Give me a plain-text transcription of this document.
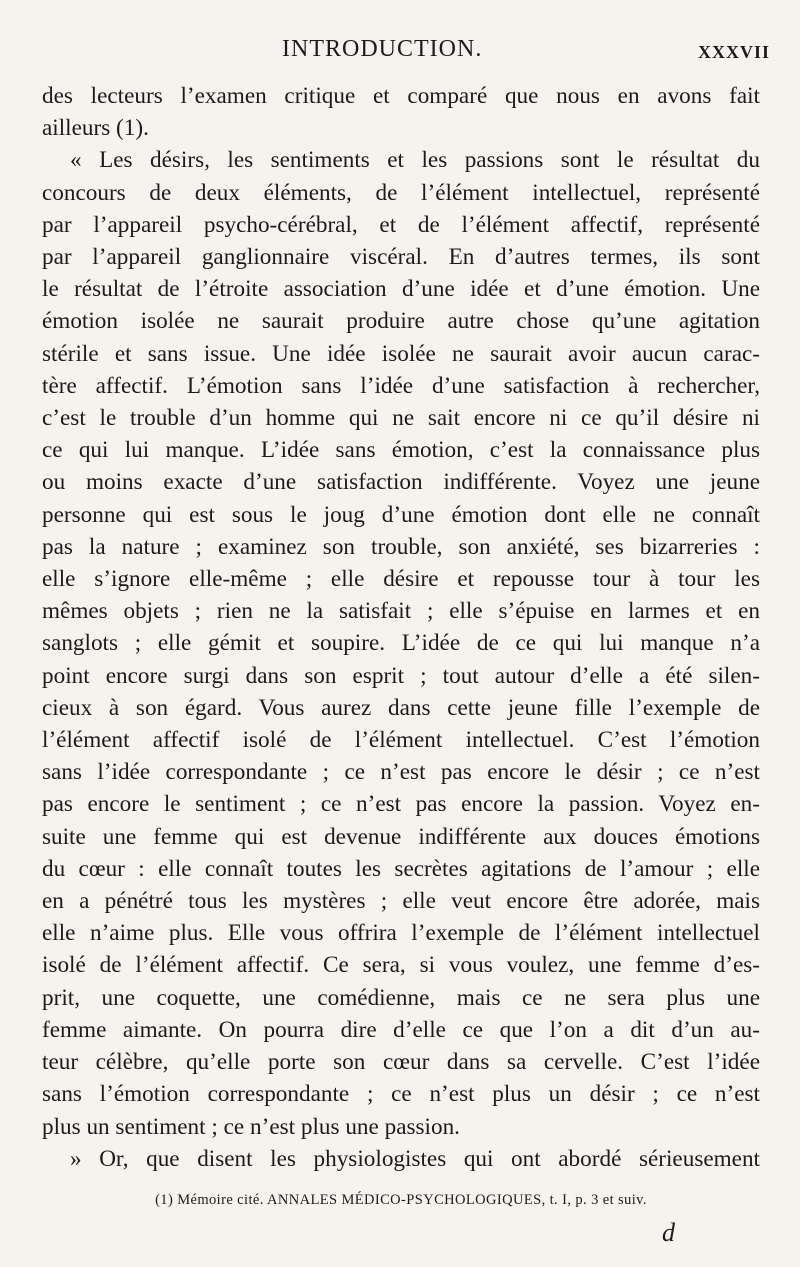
INTRODUCTION.	XXXVII
des lecteurs l’examen critique et comparé que nous en avons fait
ailleurs (1).
« Les désirs, les sentiments et les passions sont le résultat du
concours de deux éléments, de l’élément intellectuel, représenté
par l’appareil psycho-cérébral, et de l’élément affectif, représenté
par l’appareil ganglionnaire viscéral. En d’autres termes, ils sont
le résultat de l’étroite association d’une idée et d’une émotion. Une
émotion isolée ne saurait produire autre chose qu’une agitation
stérile et sans issue. Une idée isolée ne saurait avoir aucun carac-
tère affectif. L’émotion sans l’idée d’une satisfaction à rechercher,
c’est le trouble d’un homme qui ne sait encore ni ce qu’il désire ni
ce qui lui manque. L’idée sans émotion, c’est la connaissance plus
ou moins exacte d’une satisfaction indifférente. Voyez une jeune
personne qui est sous le joug d’une émotion dont elle ne connaît
pas la nature ; examinez son trouble, son anxiété, ses bizarreries :
elle s’ignore elle-même ; elle désire et repousse tour à tour les
mêmes objets ; rien ne la satisfait ; elle s’épuise en larmes et en
sanglots ; elle gémit et soupire. L’idée de ce qui lui manque n’a
point encore surgi dans son esprit ; tout autour d’elle a été silen-
cieux à son égard. Vous aurez dans cette jeune fille l’exemple de
l’élément affectif isolé de l’élément intellectuel. C’est l’émotion
sans l’idée correspondante ; ce n’est pas encore le désir ; ce n’est
pas encore le sentiment ; ce n’est pas encore la passion. Voyez en-
suite une femme qui est devenue indifférente aux douces émotions
du cœur : elle connaît toutes les secrètes agitations de l’amour ; elle
en a pénétré tous les mystères ; elle veut encore être adorée, mais
elle n’aime plus. Elle vous offrira l’exemple de l’élément intellectuel
isolé de l’élément affectif. Ce sera, si vous voulez, une femme d’es-
prit, une coquette, une comédienne, mais ce ne sera plus une
femme aimante. On pourra dire d’elle ce que l’on a dit d’un au-
teur célèbre, qu’elle porte son cœur dans sa cervelle. C’est l’idée
sans l’émotion correspondante ; ce n’est plus un désir ; ce n’est
plus un sentiment ; ce n’est plus une passion.
» Or, que disent les physiologistes qui ont abordé sérieusement
(1) Mémoire cité. ANNALES MÉDICO-PSYCHOLOGIQUES, t. I, p. 3 et suiv.
d
